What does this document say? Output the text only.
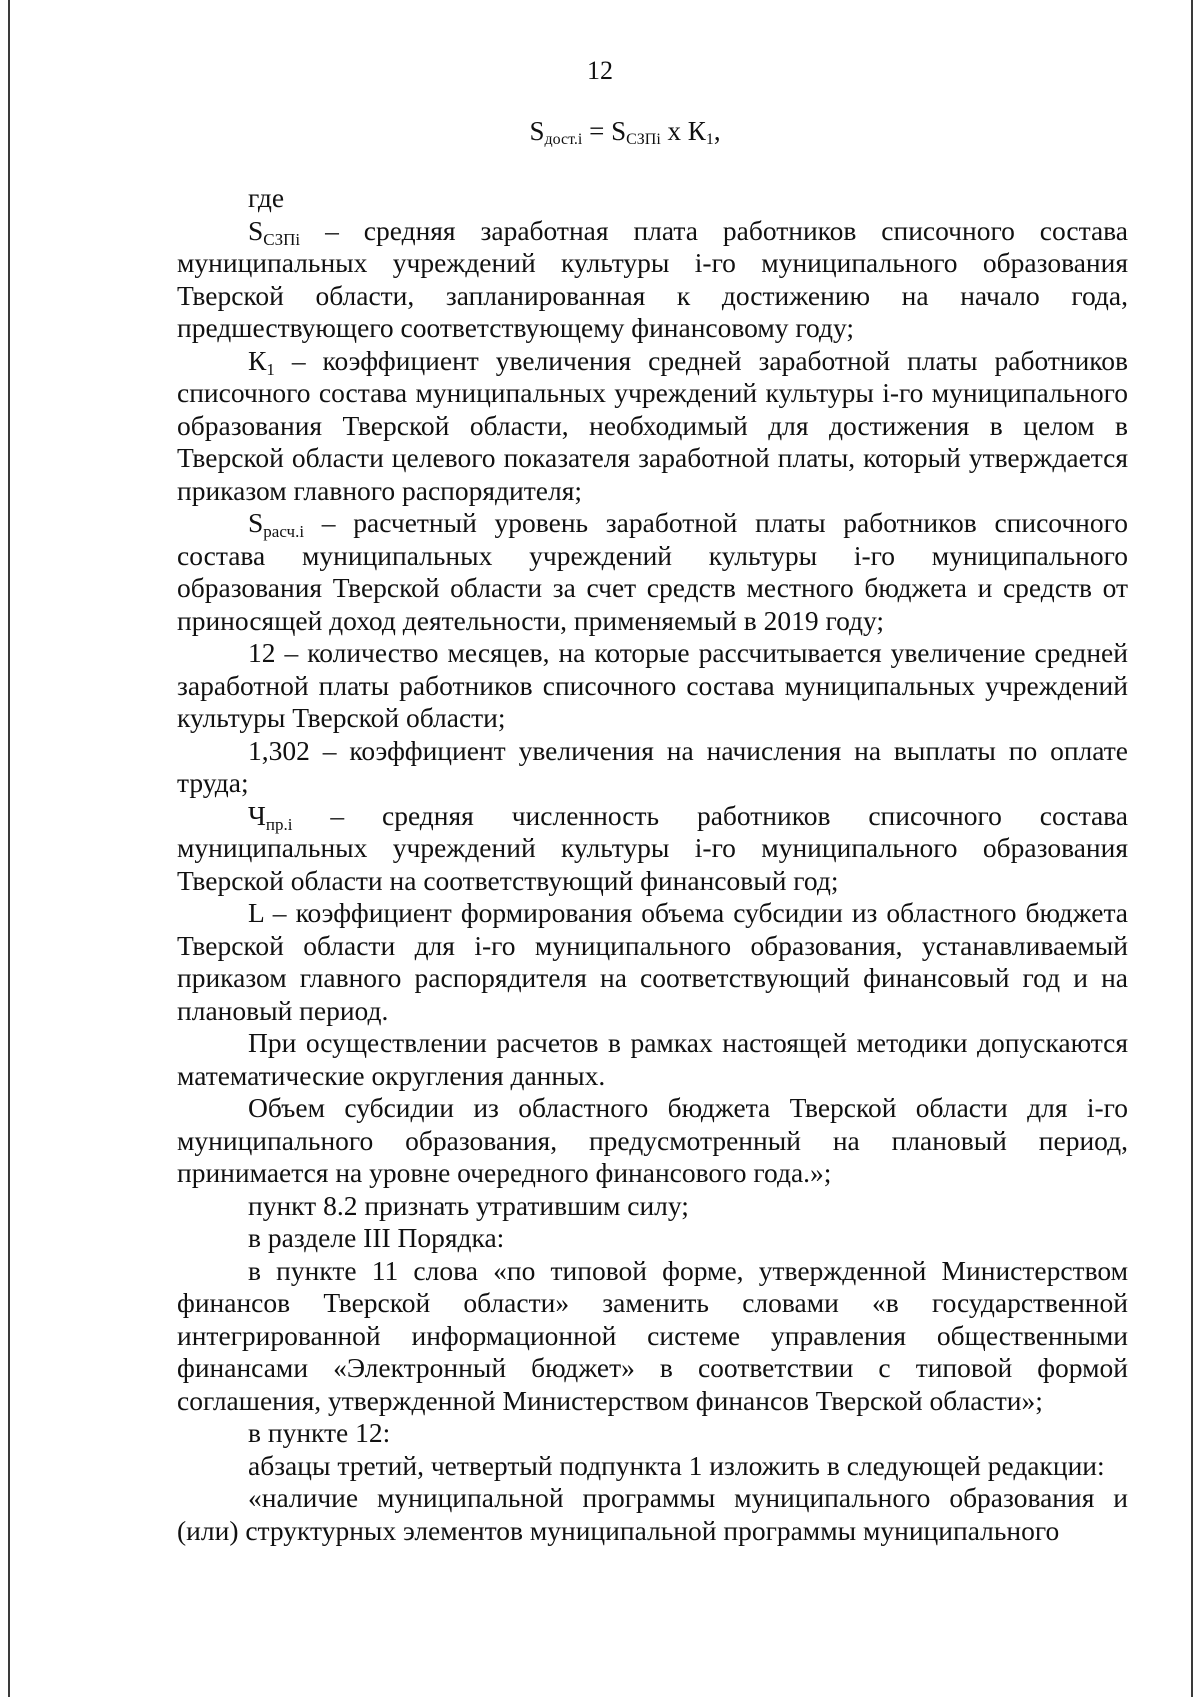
12
$S_{дост.i} = S_{СЗПi}$ х $К_1$,

где

$S_{СЗПi}$ – средняя заработная плата работников списочного состава муниципальных учреждений культуры i-го муниципального образования Тверской области, запланированная к достижению на начало года, предшествующего соответствующему финансовому году;

$К_1$ – коэффициент увеличения средней заработной платы работников списочного состава муниципальных учреждений культуры i-го муниципального образования Тверской области, необходимый для достижения в целом в Тверской области целевого показателя заработной платы, который утверждается приказом главного распорядителя;

$S_{расч.i}$ – расчетный уровень заработной платы работников списочного состава муниципальных учреждений культуры i-го муниципального образования Тверской области за счет средств местного бюджета и средств от приносящей доход деятельности, применяемый в 2019 году;

12 – количество месяцев, на которые рассчитывается увеличение средней заработной платы работников списочного состава муниципальных учреждений культуры Тверской области;

1,302 – коэффициент увеличения на начисления на выплаты по оплате труда;

$Ч_{пр.i}$ – средняя численность работников списочного состава муниципальных учреждений культуры i-го муниципального образования Тверской области на соответствующий финансовый год;

L – коэффициент формирования объема субсидии из областного бюджета Тверской области для i-го муниципального образования, устанавливаемый приказом главного распорядителя на соответствующий финансовый год и на плановый период.

При осуществлении расчетов в рамках настоящей методики допускаются математические округления данных.

Объем субсидии из областного бюджета Тверской области для i-го муниципального образования, предусмотренный на плановый период, принимается на уровне очередного финансового года.»;

пункт 8.2 признать утратившим силу;

в разделе III Порядка:

в пункте 11 слова «по типовой форме, утвержденной Министерством финансов Тверской области» заменить словами «в государственной интегрированной информационной системе управления общественными финансами «Электронный бюджет» в соответствии с типовой формой соглашения, утвержденной Министерством финансов Тверской области»;

в пункте 12:

абзацы третий, четвертый подпункта 1 изложить в следующей редакции:

«наличие муниципальной программы муниципального образования и (или) структурных элементов муниципальной программы муниципального
